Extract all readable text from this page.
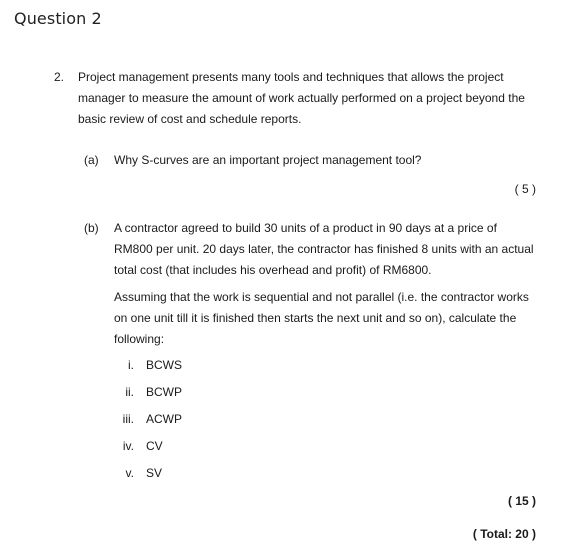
Question 2
2. Project management presents many tools and techniques that allows the project
manager to measure the amount of work actually performed on a project beyond the
basic review of cost and schedule reports.
(a) Why S-curves are an important project management tool?
( 5 )
(b) A contractor agreed to build 30 units of a product in 90 days at a price of
RM800 per unit. 20 days later, the contractor has finished 8 units with an actual
total cost (that includes his overhead and profit) of RM6800.
Assuming that the work is sequential and not parallel (i.e. the contractor works
on one unit till it is finished then starts the next unit and so on), calculate the
following:
i. BCWS
ii. BCWP
iii. ACWP
iv. CV
v. SV
( 15 )
( Total: 20 )
